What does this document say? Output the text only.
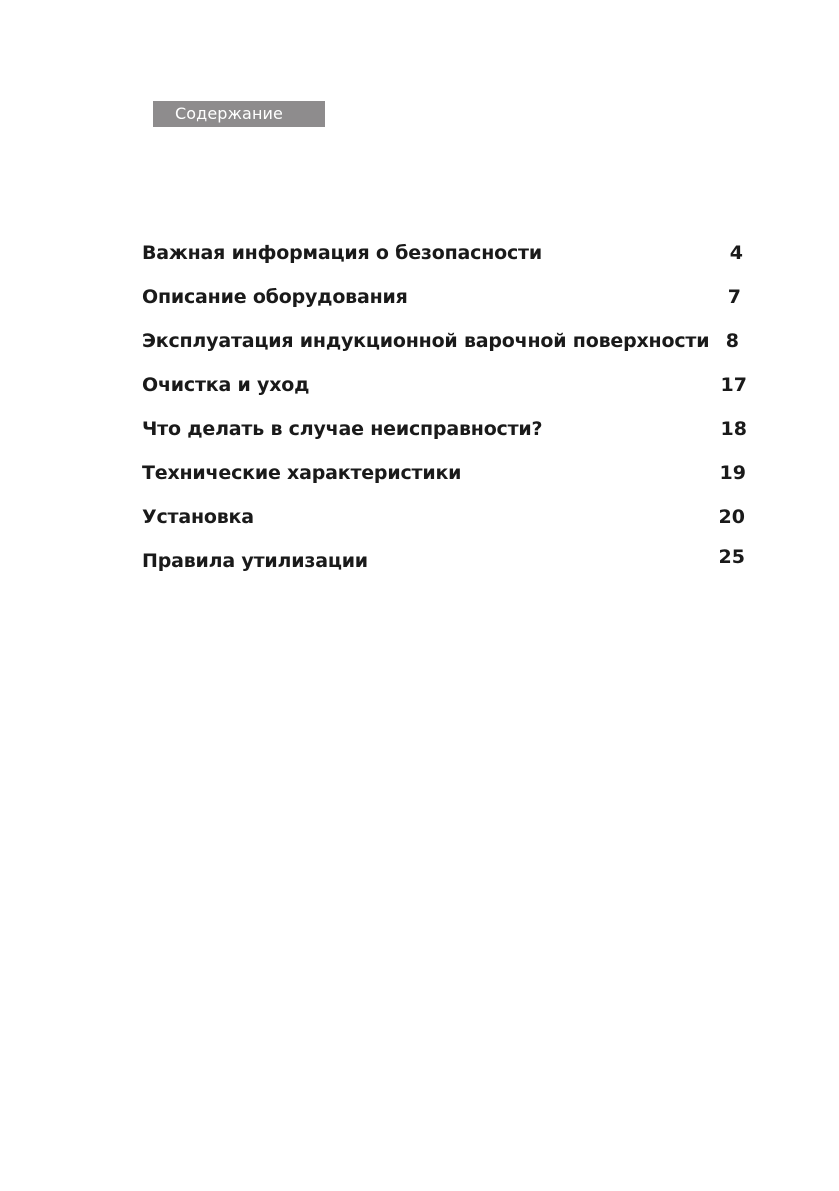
Содержание
Важная информация о безопасности	4
Описание оборудования	7
Эксплуатация индукционной варочной поверхности 8
Очистка и уход	17
Что делать в случае неисправности?	18
Технические характеристики	19
Установка	20
Правила утилизации	25
